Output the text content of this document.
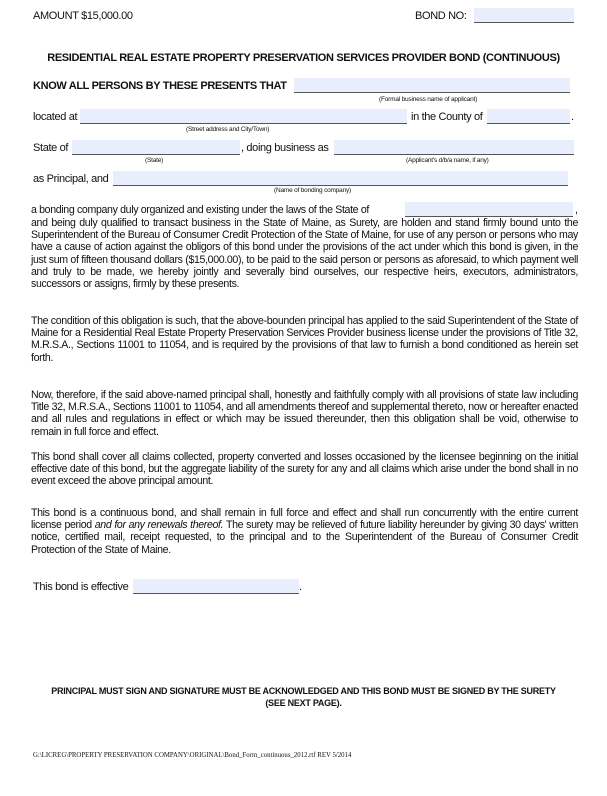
AMOUNT $15,000.00	BOND NO:
RESIDENTIAL REAL ESTATE PROPERTY PRESERVATION SERVICES PROVIDER BOND (CONTINUOUS)
KNOW ALL PERSONS BY THESE PRESENTS THAT
(Formal business name of applicant)
located at	in the County of	.
(Street address and City/Town)
State of	, doing business as
(State)	(Applicant's d/b/a name, if any)
as Principal, and
(Name of bonding company)
a bonding company duly organized and existing under the laws of the State of	,

and being duly qualified to transact business in the State of Maine, as Surety, are holden and stand firmly bound unto the Superintendent of the Bureau of Consumer Credit Protection of the State of Maine, for use of any person or persons who may have a cause of action against the obligors of this bond under the provisions of the act under which this bond is given, in the just sum of fifteen thousand dollars ($15,000.00), to be paid to the said person or persons as aforesaid, to which payment well and truly to be made, we hereby jointly and severally bind ourselves, our respective heirs, executors, administrators, successors or assigns, firmly by these presents.

The condition of this obligation is such, that the above-bounden principal has applied to the said Superintendent of the State of Maine for a Residential Real Estate Property Preservation Services Provider business license under the provisions of Title 32, M.R.S.A., Sections 11001 to 11054, and is required by the provisions of that law to furnish a bond conditioned as herein set forth.

Now, therefore, if the said above-named principal shall, honestly and faithfully comply with all provisions of state law including Title 32, M.R.S.A., Sections 11001 to 11054, and all amendments thereof and supplemental thereto, now or hereafter enacted and all rules and regulations in effect or which may be issued thereunder, then this obligation shall be void, otherwise to remain in full force and effect.

This bond shall cover all claims collected, property converted and losses occasioned by the licensee beginning on the initial effective date of this bond, but the aggregate liability of the surety for any and all claims which arise under the bond shall in no event exceed the above principal amount.

This bond is a continuous bond, and shall remain in full force and effect and shall run concurrently with the entire current license period and for any renewals thereof. The surety may be relieved of future liability hereunder by giving 30 days' written notice, certified mail, receipt requested, to the principal and to the Superintendent of the Bureau of Consumer Credit Protection of the State of Maine.

This bond is effective	.
PRINCIPAL MUST SIGN AND SIGNATURE MUST BE ACKNOWLEDGED AND THIS BOND MUST BE SIGNED BY THE SURETY
(SEE NEXT PAGE).
G:\LICREG\PROPERTY PRESERVATION COMPANY\ORIGINAL\Bond_Form_continuous_2012.rtf REV 5/2014
